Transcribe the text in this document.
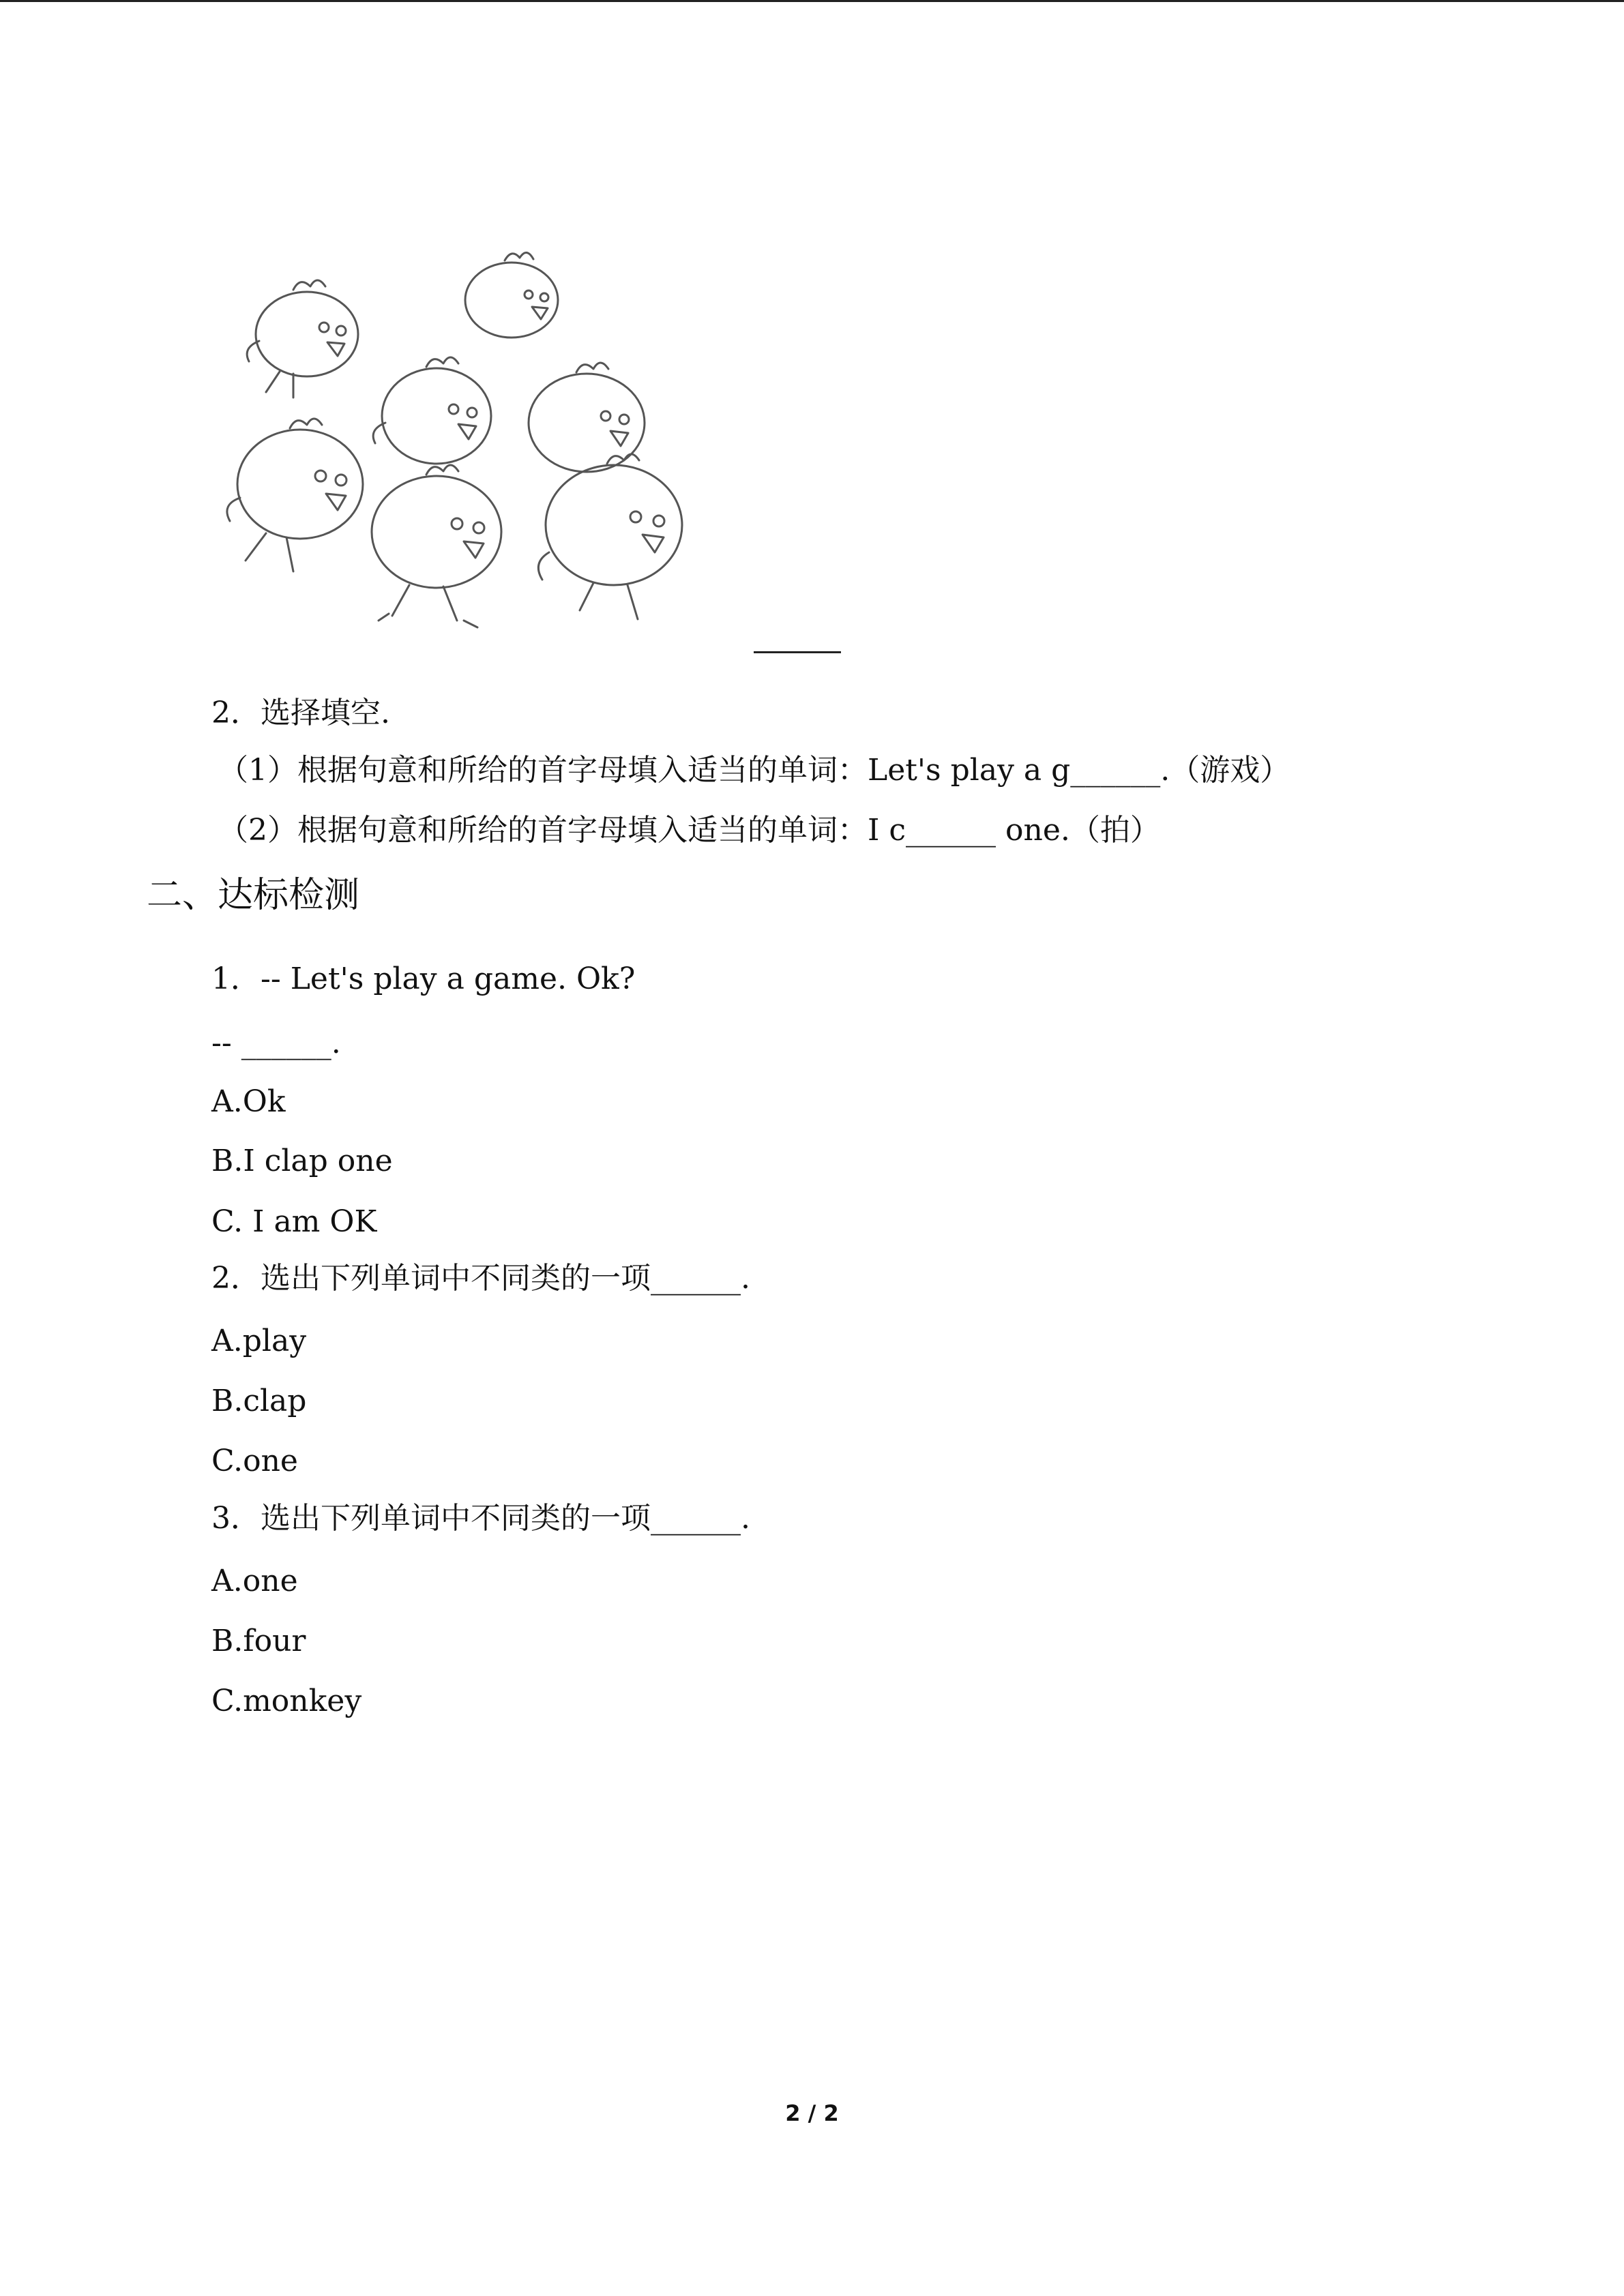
2．选择填空.
（1）根据句意和所给的首字母填入适当的单词：Let's play a g______.（游戏）
（2）根据句意和所给的首字母填入适当的单词：I c______ one.（拍）
二、达标检测
1．-- Let's play a game. Ok?
-- ______.
A.Ok
B.I clap one
C. I am OK
2．选出下列单词中不同类的一项______.
A.play
B.clap
C.one
3．选出下列单词中不同类的一项______.
A.one
B.four
C.monkey
2 / 2
